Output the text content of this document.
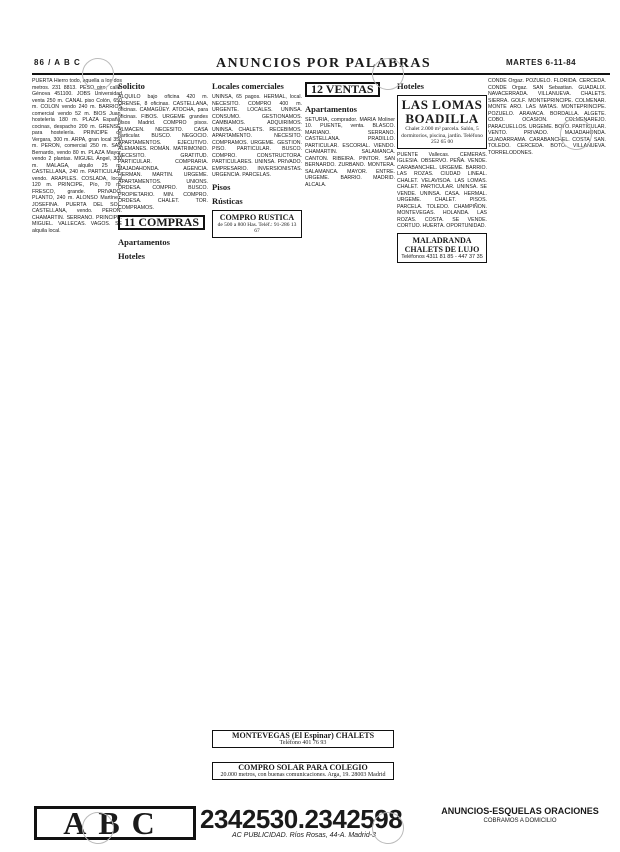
86 / A B C	ANUNCIOS POR PALABRAS	MARTES 6-11-84
PUERTA Hierro todo, aquella a los dos metros. 231 8813. PESO giro, calle. Génova 451100. JOBS Universidad venta 250 m. CANAL piso Colón, 650 m. COLON vendo 240 m. BARRIOS comercial vendo 52 m. BIOS Juan, hostelería 180 m. PLAZA España, cocinas, despacho 200 m. GRENSE, para hostelería. PRINCIPE de Vergara, 300 m. ARPA, gran local 350 m. PERON, comercial 250 m. SAN Bernardo, vendo 80 m. PLAZA Mayor, vendo 2 plantas. MIGUEL Ángel, 300 m. MALAGA, alquilo 25 m. CASTELLANA, 240 m. PARTICULAR, vendo. ARAPILES. COSLADA, local 120 m. PRINCIPE, Pío, 70 m. FRESCO, grande. PRIVADO. PLANTO, 240 m. ALONSO Martínez. JOSEFINA. PUERTA DEL SOL. CASTELLANA, vendo. PERON. CHAMARTIN. SERRANO. PRINCIPE. MIGUEL. VALLECAS. VAGOS. SE alquila local.
Solicito
ALQUILO bajo oficina 420 m. ORENSE, 8 oficinas. CASTELLANA, oficinas. CAMAGÜEY. ATOCHA, para oficinas. FIBOS. URGEME grandes pisos Madrid. COMPRO pisos. ALMACEN. NECESITO. CASA particular. BUSCO. NEGOCIO. APARTAMENTOS. EJECUTIVO. ALEMANES. ROMÁN. MATRIMONIO. NECESITO. GRATITUD. PARTICULAR. COMPRARIA. MAJADAHONDA. AGENCIA. HERMAN. MARTIN. URGEME. APARTAMENTOS. UNIONS. ORDESA. COMPRO. BUSCO. PROPIETARIO. MIN. COMPRO. ORDESA. CHALET. TOR. COMPRAMOS.
11 COMPRAS
Apartamentos
Hoteles
Locales comerciales
UNINSA, 65 pagos. HERMAL, local. NECESITO. COMPRO 400 m. URGENTE. LOCALES. UNINSA. CONSUMO. GESTIONAMOS. CAMBIAMOS. ADQUIRIMOS. UNINSA. CHALETS. RECEBIMOS. APARTAMENTO. NECESITO. COMPRAMOS. URGEME. GESTION. PISO. PARTICULAR. BUSCO. COMPRO. CONSTRUCTORA. PARTICULARES. UNINSA. PRIVADO. EMPRESARIO. INVERSIONISTAS. URGENCIA. PARCELAS.
Pisos
Rústicas
COMPRO RUSTICA
de 500 a 800 Has. Teléf.: 91-286 13 67
12 VENTAS
Apartamentos
SETURIA, comprador. MARIA Moliner 10. PUENTE, venta. BLASCO. MARIANO. SERRANO. CASTELLANA. PRADILLO. PARTICULAR. ESCORIAL. VIENDO. CHAMARTIN. SALAMANCA. CANTON. RIBEIRA. PINTOR. SAN BERNARDO. ZURBANO. MONTERA. SALAMANCA. MAYOR. ENTRE. URGEME. BARRIO. MADRID. ALCALA.
Hoteles
LAS LOMAS BOADILLA
Chalet 2.000 m² parcela. Salón, 5 dormitorios, piscina, jardín. Teléfono 252 65 00
PUENTE Vallecas. CEMERAS. IGLESIA. OBSERVO. PEÑA. VENDE. CARABANCHEL. URGEME. BARRIO. LAS ROZAS. CIUDAD LINEAL. CHALET. VELAVISOA. LAS LOMAS. CHALET. PARTICULAR. UNINSA. SE VENDE. UNINSA. CASA. HERMAL. URGEME. CHALET. PISOS. PARCELA. TOLEDO. CHAMPIÑON. MONTEVEGAS. HOLANDA. LAS ROZAS. COSTA. SE VENDE. CORTIJO. HUERTA. OPORTUNIDAD.
MALADRANDA CHALETS DE LUJO
Teléfonos 4311 81 85 - 447 37 35
CONDE Orgaz. POZUELO. FLORIDA. CERCEDA. CONDE Orgaz. SAN Sebastian. GUADALIX. NAVACERRADA. VILLANUEVA. CHALETS. SIERRA. GOLF. MONTEPRINCIPE. COLMENAR. MONTE ARO. LAS MATAS. MONTEPRINCIPE. POZUELO. ARAVACA. BORDALLA. ALGETE. COBO. OCASION. COLMENAREJO. PARACUELLOS. URGEME. BOTO. PARTICULAR. VENTO. PRIVADO. MAJADAHONDA. GUADARRAMA. CARABANCHEL. COSTA. SAN. TOLEDO. CERCEDA. BOTO. VILLANUEVA. TORRELODONES.
MONTEVEGAS (El Espinar) CHALETS
Teléfono 401 76 93
COMPRO SOLAR PARA COLEGIO
20.000 metros, con buenas comunicaciones. Arga, 19. 28003 Madrid
ABC	2342530.2342598
AC PUBLICIDAD. Ríos Rosas, 44-A. Madrid-3
ANUNCIOS-ESQUELAS ORACIONES
COBRAMOS A DOMICILIO
